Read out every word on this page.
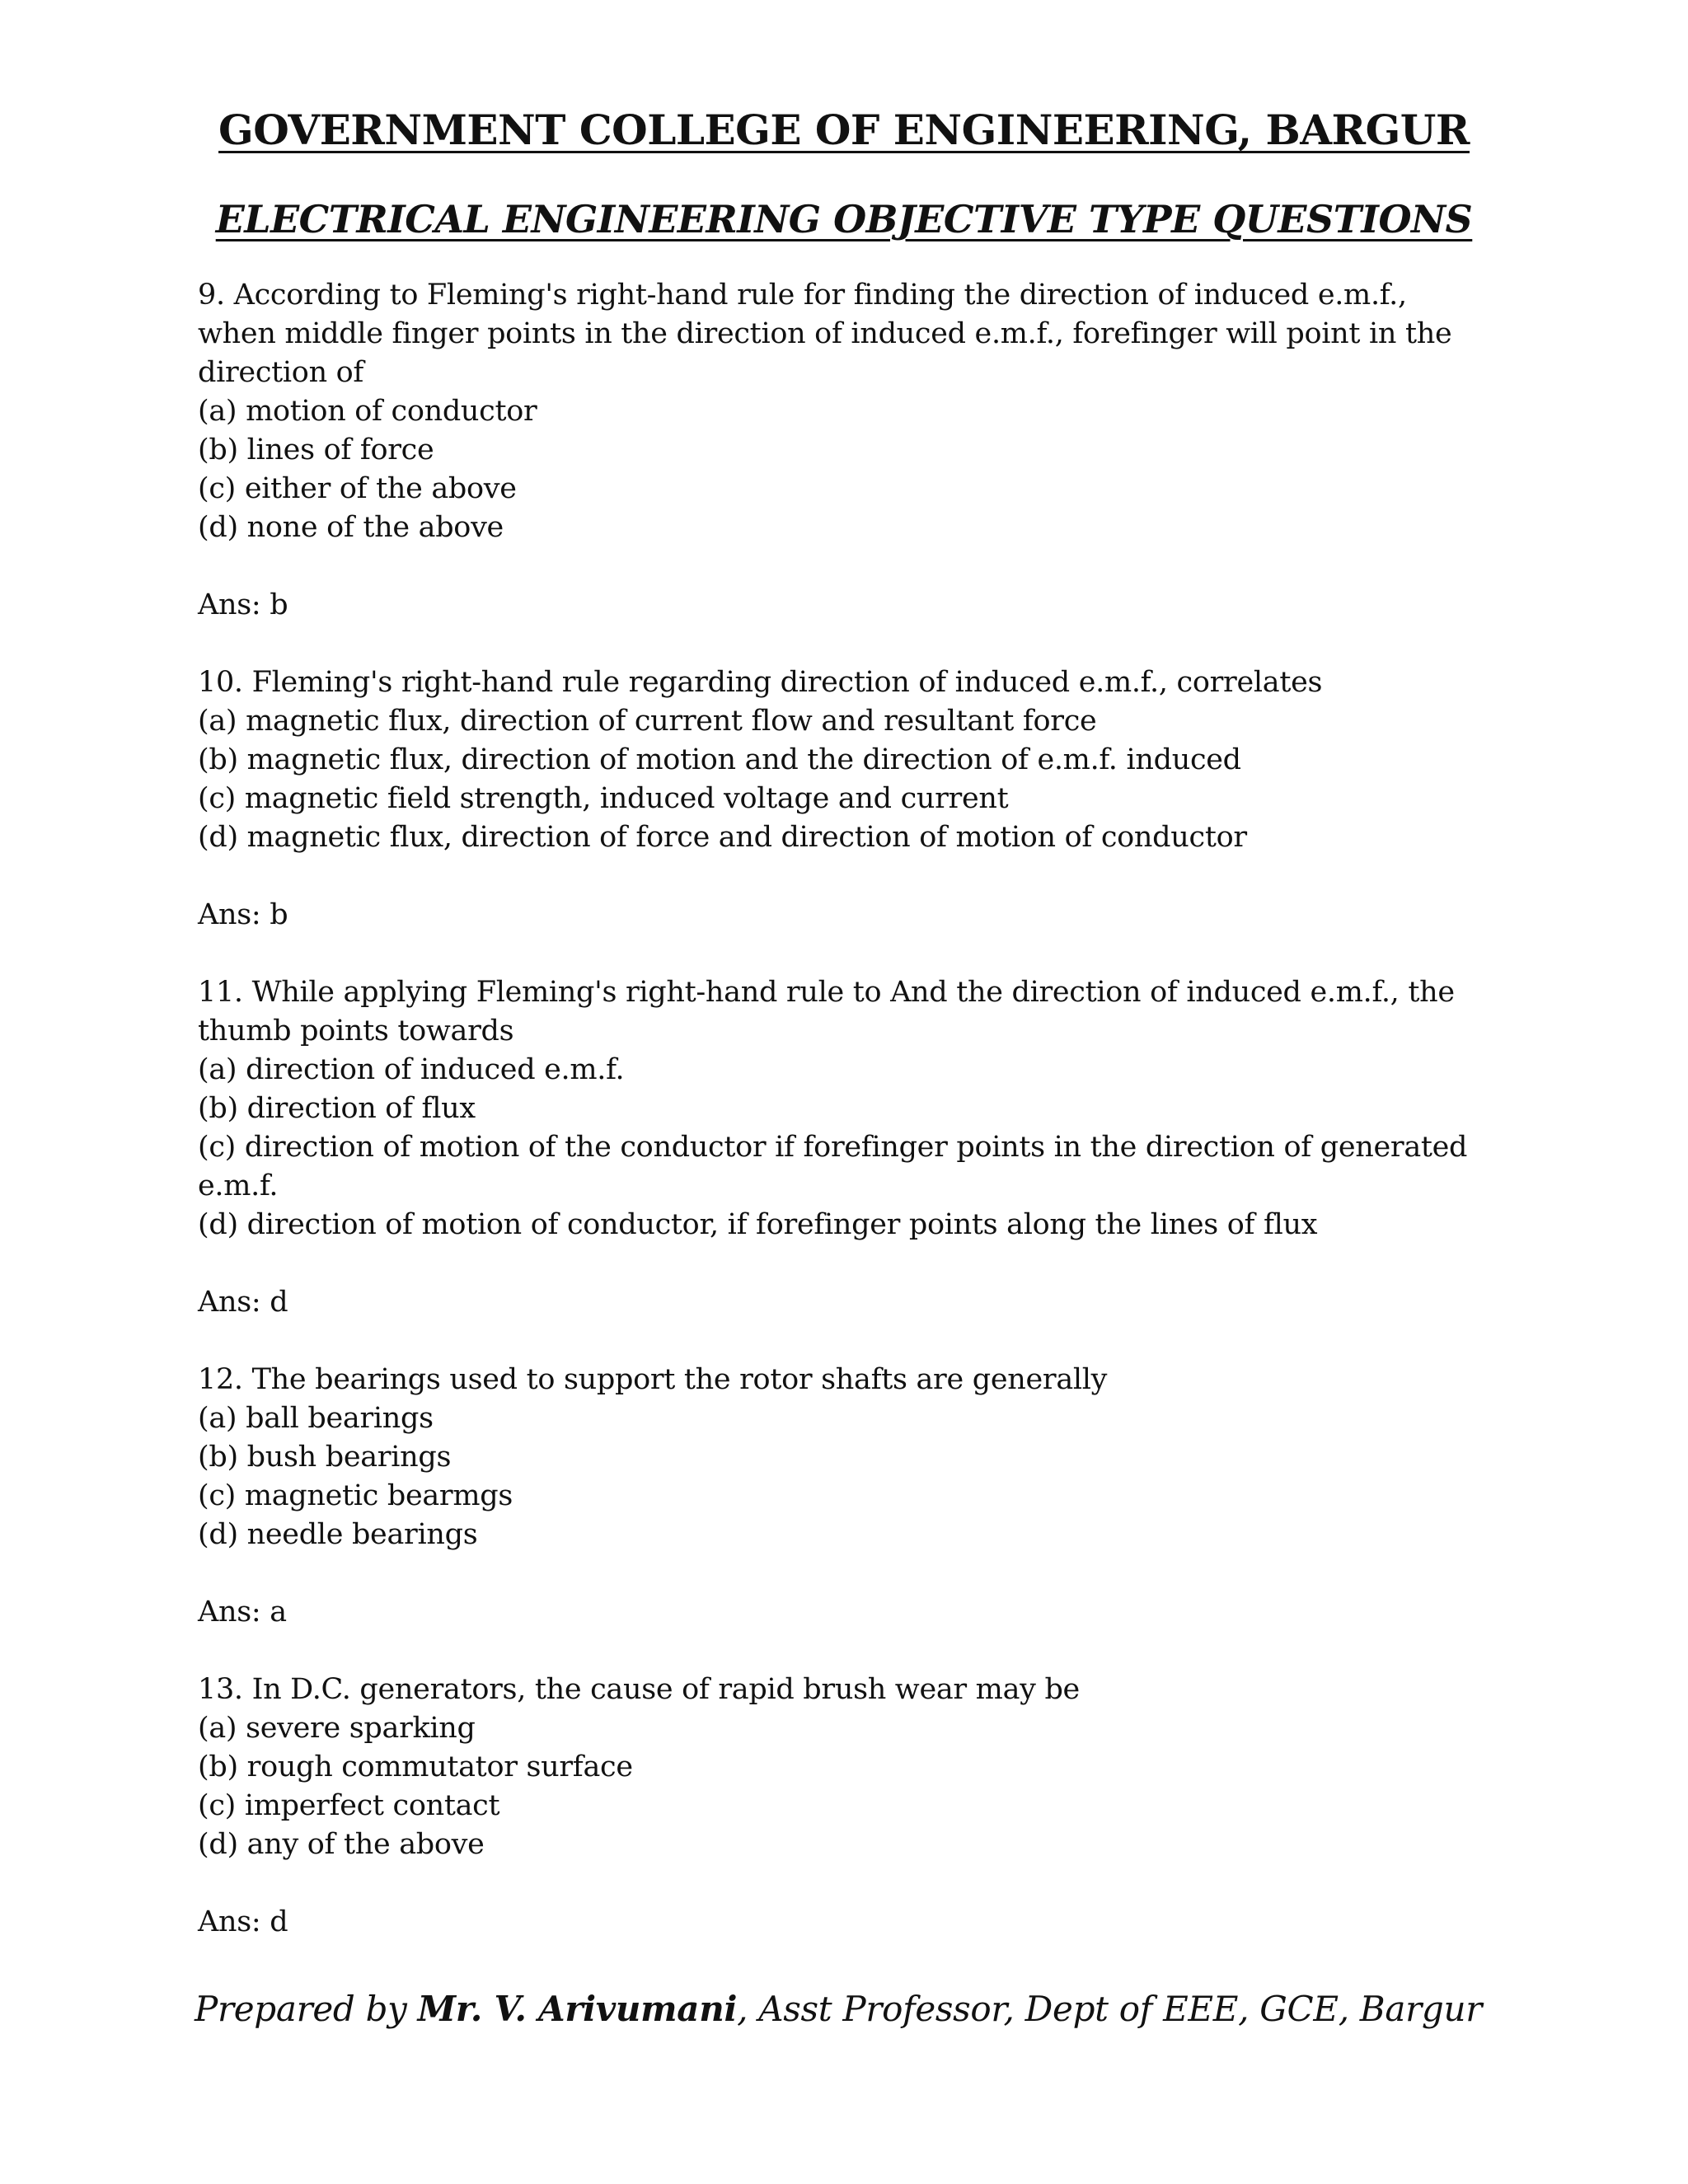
GOVERNMENT COLLEGE OF ENGINEERING, BARGUR
ELECTRICAL ENGINEERING OBJECTIVE TYPE QUESTIONS

9. According to Fleming's right-hand rule for finding the direction of induced e.m.f., when middle finger points in the direction of induced e.m.f., forefinger will point in the direction of

(a) motion of conductor

(b) lines of force

(c) either of the above

(d) none of the above

Ans: b

10. Fleming's right-hand rule regarding direction of induced e.m.f., correlates

(a) magnetic flux, direction of current flow and resultant force

(b) magnetic flux, direction of motion and the direction of e.m.f. induced

(c) magnetic field strength, induced voltage and current

(d) magnetic flux, direction of force and direction of motion of conductor

Ans: b

11. While applying Fleming's right-hand rule to And the direction of induced e.m.f., the thumb points towards

(a) direction of induced e.m.f.

(b) direction of flux

(c) direction of motion of the conductor if forefinger points in the direction of generated e.m.f.

(d) direction of motion of conductor, if forefinger points along the lines of flux

Ans: d

12. The bearings used to support the rotor shafts are generally

(a) ball bearings

(b) bush bearings

(c) magnetic bearmgs

(d) needle bearings

Ans: a

13. In D.C. generators, the cause of rapid brush wear may be

(a) severe sparking

(b) rough commutator surface

(c) imperfect contact

(d) any of the above

Ans: d

Prepared by Mr. V. Arivumani, Asst Professor, Dept of EEE, GCE, Bargur
